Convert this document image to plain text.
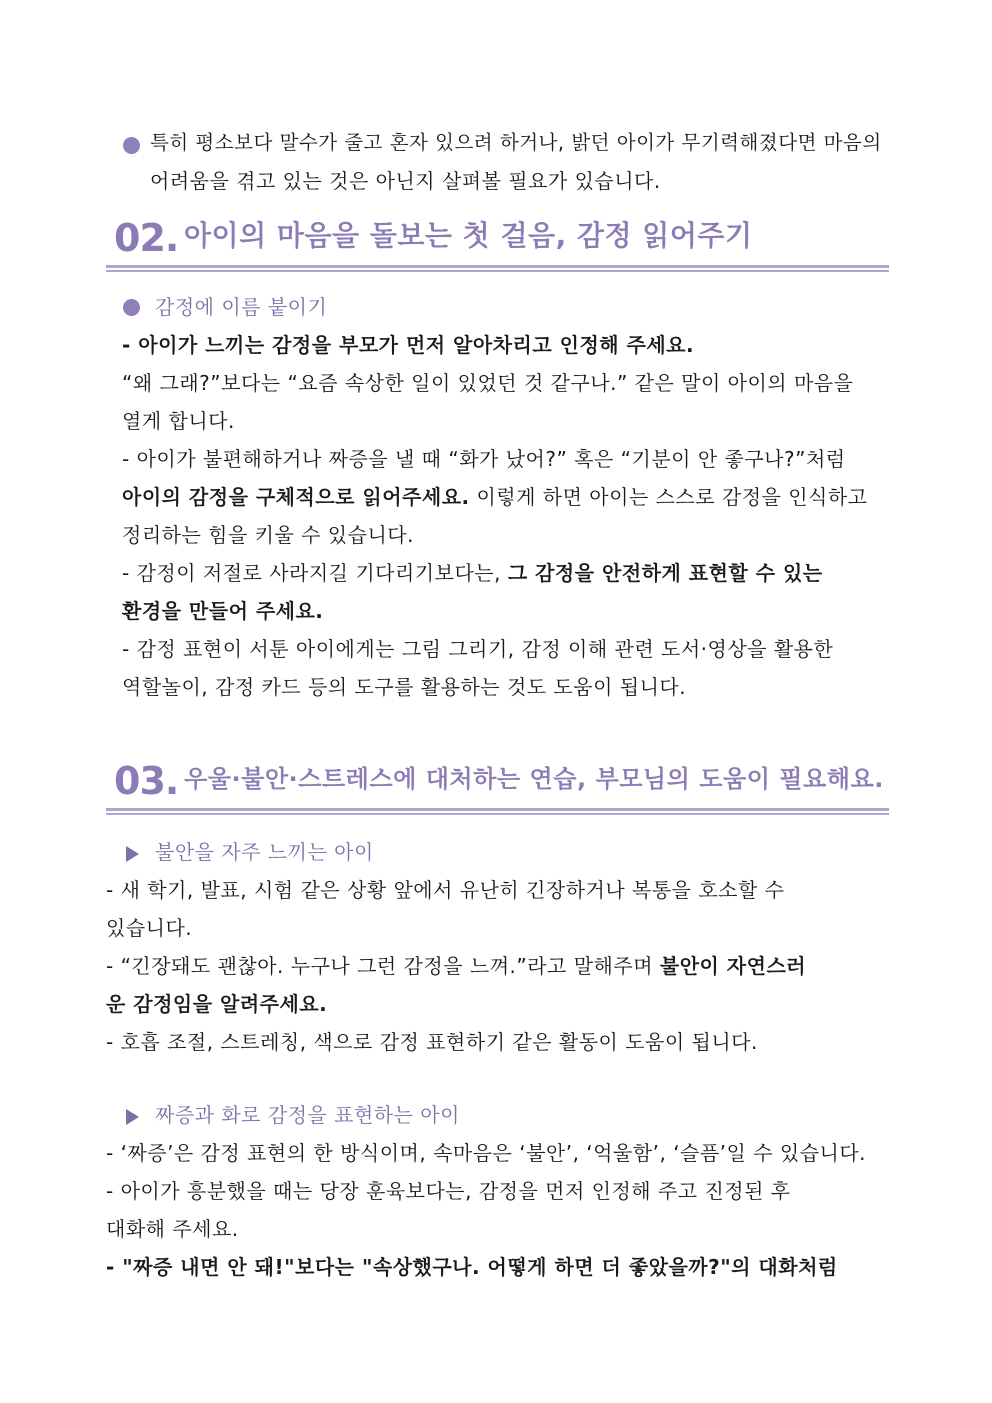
특히 평소보다 말수가 줄고 혼자 있으려 하거나, 밝던 아이가 무기력해졌다면 마음의
어려움을 겪고 있는 것은 아닌지 살펴볼 필요가 있습니다.
02. 아이의 마음을 돌보는 첫 걸음, 감정 읽어주기
감정에 이름 붙이기
- 아이가 느끼는 감정을 부모가 먼저 알아차리고 인정해 주세요.
“왜 그래?”보다는 “요즘 속상한 일이 있었던 것 같구나.” 같은 말이 아이의 마음을
열게 합니다.
- 아이가 불편해하거나 짜증을 낼 때 “화가 났어?” 혹은 “기분이 안 좋구나?”처럼
아이의 감정을 구체적으로 읽어주세요. 이렇게 하면 아이는 스스로 감정을 인식하고
정리하는 힘을 키울 수 있습니다.
- 감정이 저절로 사라지길 기다리기보다는, 그 감정을 안전하게 표현할 수 있는
환경을 만들어 주세요.
- 감정 표현이 서툰 아이에게는 그림 그리기, 감정 이해 관련 도서·영상을 활용한
역할놀이, 감정 카드 등의 도구를 활용하는 것도 도움이 됩니다.
03. 우울·불안·스트레스에 대처하는 연습, 부모님의 도움이 필요해요.
불안을 자주 느끼는 아이
- 새 학기, 발표, 시험 같은 상황 앞에서 유난히 긴장하거나 복통을 호소할 수
있습니다.
- “긴장돼도 괜찮아. 누구나 그런 감정을 느껴.”라고 말해주며 불안이 자연스러
운 감정임을 알려주세요.
- 호흡 조절, 스트레칭, 색으로 감정 표현하기 같은 활동이 도움이 됩니다.
짜증과 화로 감정을 표현하는 아이
- ‘짜증’은 감정 표현의 한 방식이며, 속마음은 ‘불안’, ‘억울함’, ‘슬픔’일 수 있습니다.
- 아이가 흥분했을 때는 당장 훈육보다는, 감정을 먼저 인정해 주고 진정된 후
대화해 주세요.
- "짜증 내면 안 돼!"보다는 "속상했구나. 어떻게 하면 더 좋았을까?"의 대화처럼
